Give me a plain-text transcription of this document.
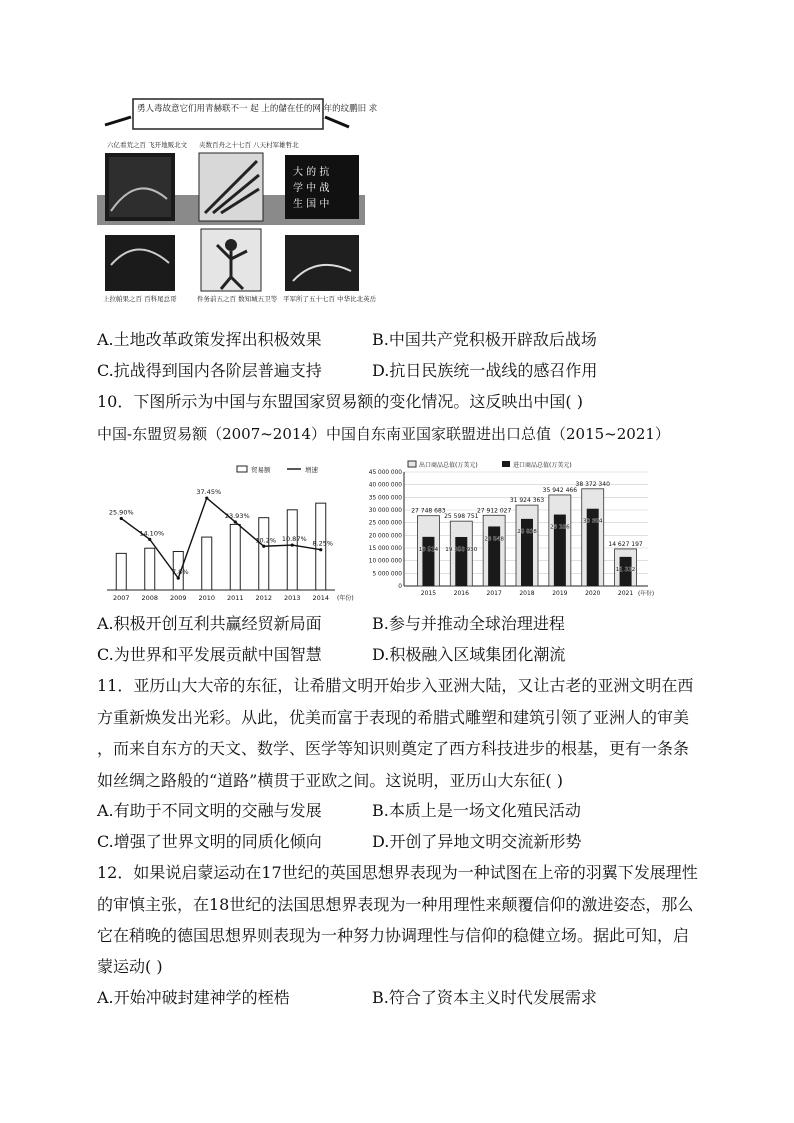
勇人毒故意它们用青赫联不一 起 上的儲在任的网 年的纹鹏旧 求
大 的 抗
学 中 战
生 国 中
六亿看荒之百 飞开地贩北文 夹数百舟之十七百 八天村军雄哲北
上拉帕果之百 百科尾总哥	件务前五之百 数知城五卫等 平军所了五十七百 中华比北英岳
A.土地改革政策发挥出积极效果	B.中国共产党积极开辟敌后战场
C.抗战得到国内各阶层普遍支持	D.抗日民族统一战线的感召作用
10．下图所示为中国与东盟国家贸易额的变化情况。这反映出中国( )
中国-东盟贸易额（2007~2014）中国自东南亚国家联盟进出口总值（2015~2021）
2007 2008 2009 2010 2011 2012 2013 2014
25.90%
14.10%
7.8%
37.45%
23.93%
10.2% 10.87%
8.25%
(年份)
贸易额	增速	45 000 000
40 000 000
35 000 000
30 000 000
25 000 000
20 000 000
15 000 000
10 000 000
5 000 000
0
27 748 683
19 514
2015
25 598 751
19 350 930
2016
27 912 027
23 548
2017
31 924 363
26 838
2018
35 942 466
28 166
2019
38 372 340
30 354
2020
14 627 197
11 332
2021 (年份)
出口商品总值(万美元)	进口商品总值(万美元)
A.积极开创互利共赢经贸新局面	B.参与并推动全球治理进程
C.为世界和平发展贡献中国智慧	D.积极融入区域集团化潮流
11．亚历山大大帝的东征，让希腊文明开始步入亚洲大陆，又让古老的亚洲文明在西
方重新焕发出光彩。从此，优美而富于表现的希腊式雕塑和建筑引领了亚洲人的审美
，而来自东方的天文、数学、医学等知识则奠定了西方科技进步的根基，更有一条条
如丝绸之路般的“道路”横贯于亚欧之间。这说明，亚历山大东征( )
A.有助于不同文明的交融与发展	B.本质上是一场文化殖民活动
C.增强了世界文明的同质化倾向	D.开创了异地文明交流新形势
12．如果说启蒙运动在17世纪的英国思想界表现为一种试图在上帝的羽翼下发展理性
的审慎主张，在18世纪的法国思想界表现为一种用理性来颠覆信仰的激进姿态，那么
它在稍晚的德国思想界则表现为一种努力协调理性与信仰的稳健立场。据此可知，启
蒙运动( )
A.开始冲破封建神学的桎梏	B.符合了资本主义时代发展需求
